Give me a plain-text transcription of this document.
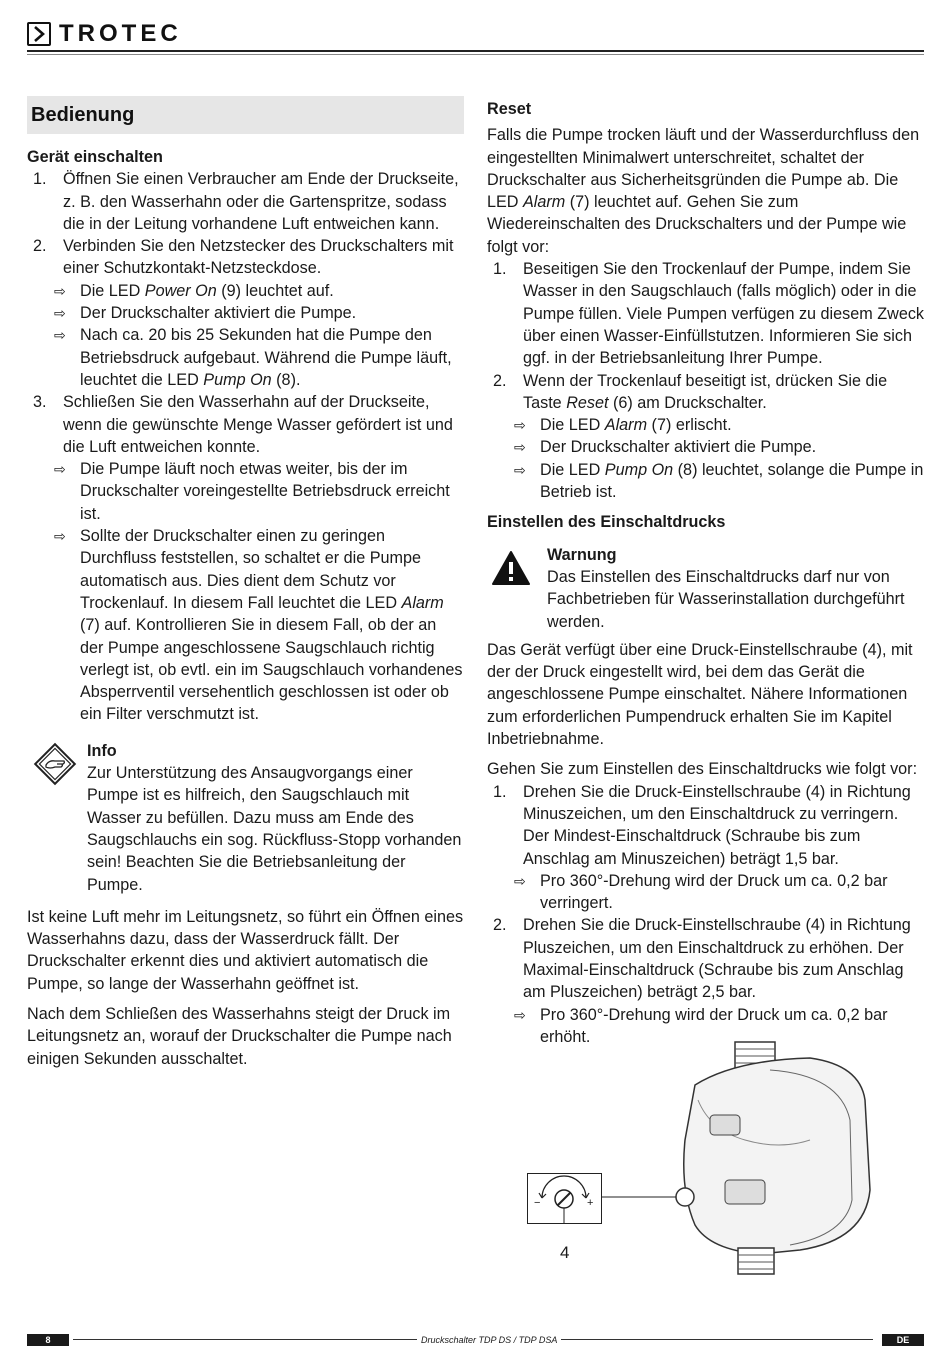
TROTEC
Bedienung

Gerät einschalten

1.	Öffnen Sie einen Verbraucher am Ende der Druckseite, z. B. den Wasserhahn oder die Gartenspritze, sodass die in der Leitung vorhandene Luft entweichen kann.
2.	Verbinden Sie den Netzstecker des Druckschalters mit einer Schutzkontakt-Netzsteckdose.
⇨ Die LED Power On (9) leuchtet auf.
⇨ Der Druckschalter aktiviert die Pumpe.
⇨ Nach ca. 20 bis 25 Sekunden hat die Pumpe den Betriebsdruck aufgebaut. Während die Pumpe läuft, leuchtet die LED Pump On (8).
3.	Schließen Sie den Wasserhahn auf der Druckseite, wenn die gewünschte Menge Wasser gefördert ist und die Luft entweichen konnte.
⇨ Die Pumpe läuft noch etwas weiter, bis der im Druckschalter voreingestellte Betriebsdruck erreicht ist.
⇨ Sollte der Druckschalter einen zu geringen Durchfluss feststellen, so schaltet er die Pumpe automatisch aus. Dies dient dem Schutz vor Trockenlauf. In diesem Fall leuchtet die LED Alarm (7) auf. Kontrollieren Sie in diesem Fall, ob der an der Pumpe angeschlossene Saugschlauch richtig verlegt ist, ob evtl. ein im Saugschlauch vorhandenes Absperrventil versehentlich geschlossen ist oder ob ein Filter verschmutzt ist.
Info
Zur Unterstützung des Ansaugvorgangs einer Pumpe ist es hilfreich, den Saugschlauch mit Wasser zu befüllen. Dazu muss am Ende des Saugschlauchs ein sog. Rückfluss-Stopp vorhanden sein! Beachten Sie die Betriebsanleitung der Pumpe.

Ist keine Luft mehr im Leitungsnetz, so führt ein Öffnen eines Wasserhahns dazu, dass der Wasserdruck fällt. Der Druckschalter erkennt dies und aktiviert automatisch die Pumpe, so lange der Wasserhahn geöffnet ist.

Nach dem Schließen des Wasserhahns steigt der Druck im Leitungsnetz an, worauf der Druckschalter die Pumpe nach einigen Sekunden ausschaltet.

Reset

Falls die Pumpe trocken läuft und der Wasserdurchfluss den eingestellten Minimalwert unterschreitet, schaltet der Druckschalter aus Sicherheitsgründen die Pumpe ab. Die LED Alarm (7) leuchtet auf. Gehen Sie zum Wiedereinschalten des Druckschalters und der Pumpe wie folgt vor:

1.	Beseitigen Sie den Trockenlauf der Pumpe, indem Sie Wasser in den Saugschlauch (falls möglich) oder in die Pumpe füllen. Viele Pumpen verfügen zu diesem Zweck über einen Wasser-Einfüllstutzen. Informieren Sie sich ggf. in der Betriebsanleitung Ihrer Pumpe.
2.	Wenn der Trockenlauf beseitigt ist, drücken Sie die Taste Reset (6) am Druckschalter.
⇨ Die LED Alarm (7) erlischt.
⇨ Der Druckschalter aktiviert die Pumpe.
⇨ Die LED Pump On (8) leuchtet, solange die Pumpe in Betrieb ist.

Einstellen des Einschaltdrucks

Warnung
Das Einstellen des Einschaltdrucks darf nur von Fachbetrieben für Wasserinstallation durchgeführt werden.

Das Gerät verfügt über eine Druck-Einstellschraube (4), mit der der Druck eingestellt wird, bei dem das Gerät die angeschlossene Pumpe einschaltet. Nähere Informationen zum erforderlichen Pumpendruck erhalten Sie im Kapitel Inbetriebnahme.

Gehen Sie zum Einstellen des Einschaltdrucks wie folgt vor:

1.	Drehen Sie die Druck-Einstellschraube (4) in Richtung Minuszeichen, um den Einschaltdruck zu verringern. Der Mindest-Einschaltdruck (Schraube bis zum Anschlag am Minuszeichen) beträgt 1,5 bar.
⇨ Pro 360°-Drehung wird der Druck um ca. 0,2 bar verringert.
2.	Drehen Sie die Druck-Einstellschraube (4) in Richtung Pluszeichen, um den Einschaltdruck zu erhöhen. Der Maximal-Einschaltdruck (Schraube bis zum Anschlag am Pluszeichen) beträgt 2,5 bar.
⇨ Pro 360°-Drehung wird der Druck um ca. 0,2 bar erhöht.
−	+
4
8	Druckschalter TDP DS / TDP DSA	DE
